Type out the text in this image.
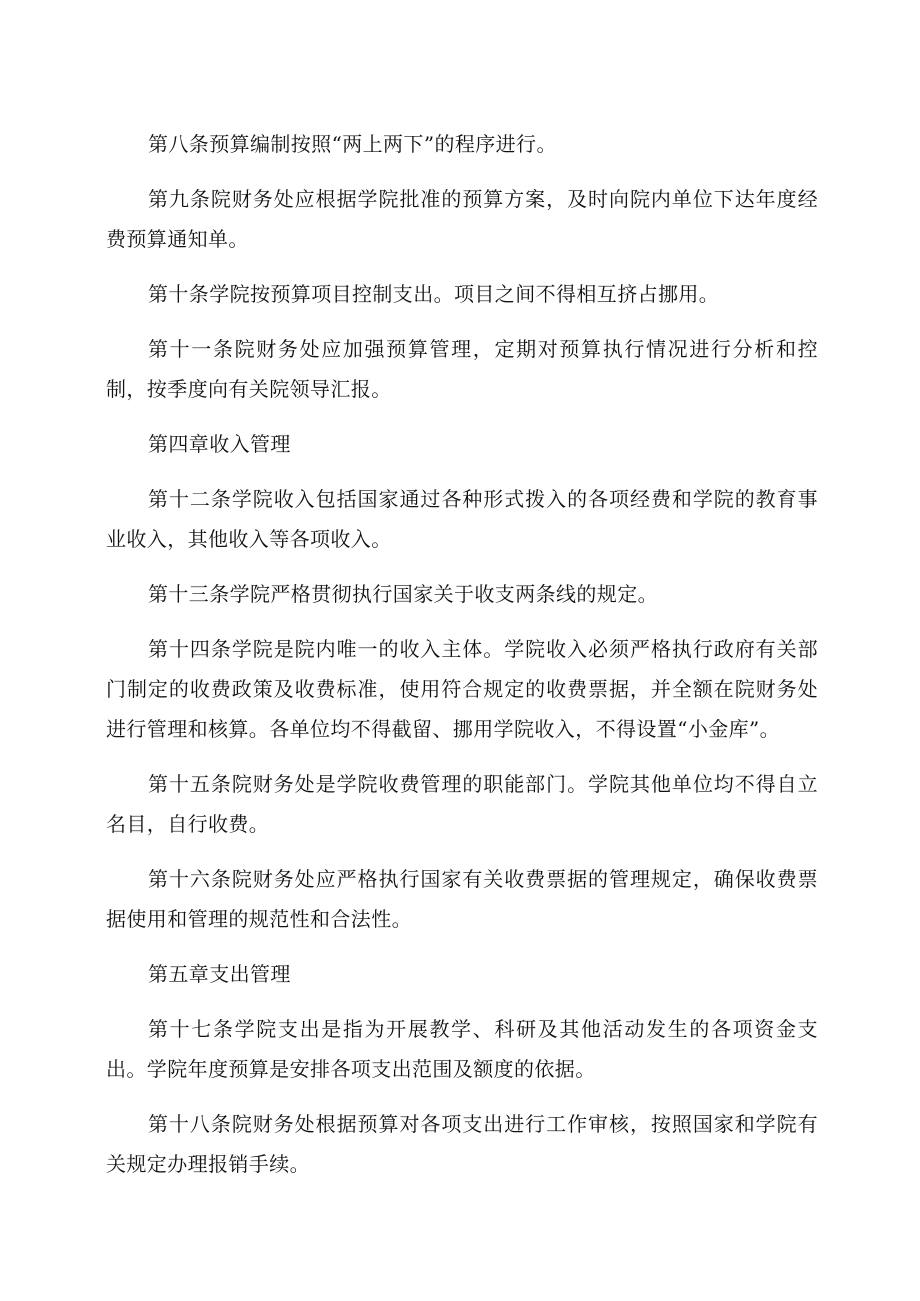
第八条预算编制按照“两上两下”的程序进行。

第九条院财务处应根据学院批准的预算方案，及时向院内单位下达年度经费预算通知单。

第十条学院按预算项目控制支出。项目之间不得相互挤占挪用。

第十一条院财务处应加强预算管理，定期对预算执行情况进行分析和控制，按季度向有关院领导汇报。

第四章收入管理

第十二条学院收入包括国家通过各种形式拨入的各项经费和学院的教育事业收入，其他收入等各项收入。

第十三条学院严格贯彻执行国家关于收支两条线的规定。

第十四条学院是院内唯一的收入主体。学院收入必须严格执行政府有关部门制定的收费政策及收费标准，使用符合规定的收费票据，并全额在院财务处进行管理和核算。各单位均不得截留、挪用学院收入，不得设置“小金库”。

第十五条院财务处是学院收费管理的职能部门。学院其他单位均不得自立名目，自行收费。

第十六条院财务处应严格执行国家有关收费票据的管理规定，确保收费票据使用和管理的规范性和合法性。

第五章支出管理

第十七条学院支出是指为开展教学、科研及其他活动发生的各项资金支出。学院年度预算是安排各项支出范围及额度的依据。

第十八条院财务处根据预算对各项支出进行工作审核，按照国家和学院有关规定办理报销手续。
